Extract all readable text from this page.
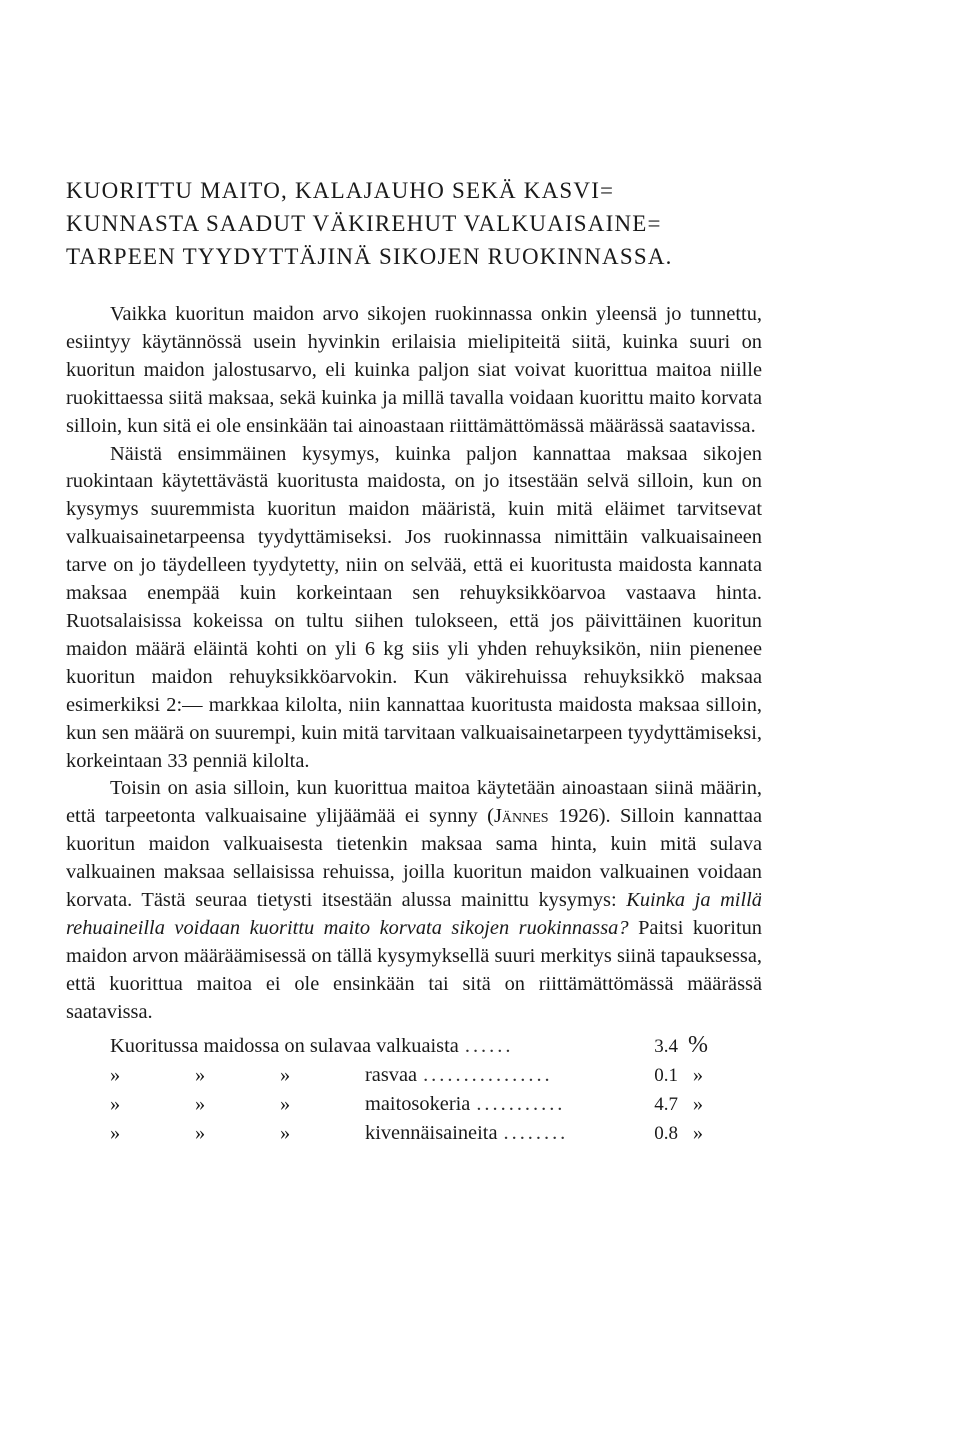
KUORITTU MAITO, KALAJAUHO SEKÄ KASVI=
KUNNASTA SAADUT VÄKIREHUT VALKUAISAINE=
TARPEEN TYYDYTTÄJINÄ SIKOJEN RUOKINNASSA.

Vaikka kuoritun maidon arvo sikojen ruokinnassa onkin yleensä jo tunnettu, esiintyy käytännössä usein hyvinkin erilaisia mielipiteitä siitä, kuinka suuri on kuoritun maidon jalostusarvo, eli kuinka paljon siat voivat kuorittua maitoa niille ruokittaessa siitä maksaa, sekä kuinka ja millä tavalla voidaan kuorittu maito korvata silloin, kun sitä ei ole ensinkään tai ainoastaan riittämättömässä määrässä saatavissa.

Näistä ensimmäinen kysymys, kuinka paljon kannattaa maksaa sikojen ruokintaan käytettävästä kuoritusta maidosta, on jo itsestään selvä silloin, kun on kysymys suuremmista kuoritun maidon määristä, kuin mitä eläimet tarvitsevat valkuaisainetarpeensa tyydyttämiseksi. Jos ruokinnassa nimittäin valkuaisaineen tarve on jo täydelleen tyydytetty, niin on selvää, että ei kuoritusta maidosta kannata maksaa enempää kuin korkeintaan sen rehuyksikköarvoa vastaava hinta. Ruotsalaisissa kokeissa on tultu siihen tulokseen, että jos päivittäinen kuoritun maidon määrä eläintä kohti on yli 6 kg siis yli yhden rehuyksikön, niin pienenee kuoritun maidon rehuyksikköarvokin. Kun väkirehuissa rehuyksikkö maksaa esimerkiksi 2:— markkaa kilolta, niin kannattaa kuoritusta maidosta maksaa silloin, kun sen määrä on suurempi, kuin mitä tarvitaan valkuaisainetarpeen tyydyttämiseksi, korkeintaan 33 penniä kilolta.

Toisin on asia silloin, kun kuorittua maitoa käytetään ainoastaan siinä määrin, että tarpeetonta valkuaisaine ylijäämää ei synny (Jännes 1926). Silloin kannattaa kuoritun maidon valkuaisesta tietenkin maksaa sama hinta, kuin mitä sulava valkuainen maksaa sellaisissa rehuissa, joilla kuoritun maidon valkuainen voidaan korvata. Tästä seuraa tietysti itsestään alussa mainittu kysymys: Kuinka ja millä rehuaineilla voidaan kuorittu maito korvata sikojen ruokinnassa? Paitsi kuoritun maidon arvon määräämisessä on tällä kysymyksellä suuri merkitys siinä tapauksessa, että kuorittua maitoa ei ole ensinkään tai sitä on riittämättömässä määrässä saatavissa.

Kuoritussa maidossa on sulavaa valkuaista ......	3.4 %
»	»	»	rasvaa ................	0.1 »
»	»	»	maitosokeria ...........	4.7 »
»	»	»	kivennäisaineita ........	0.8 »
